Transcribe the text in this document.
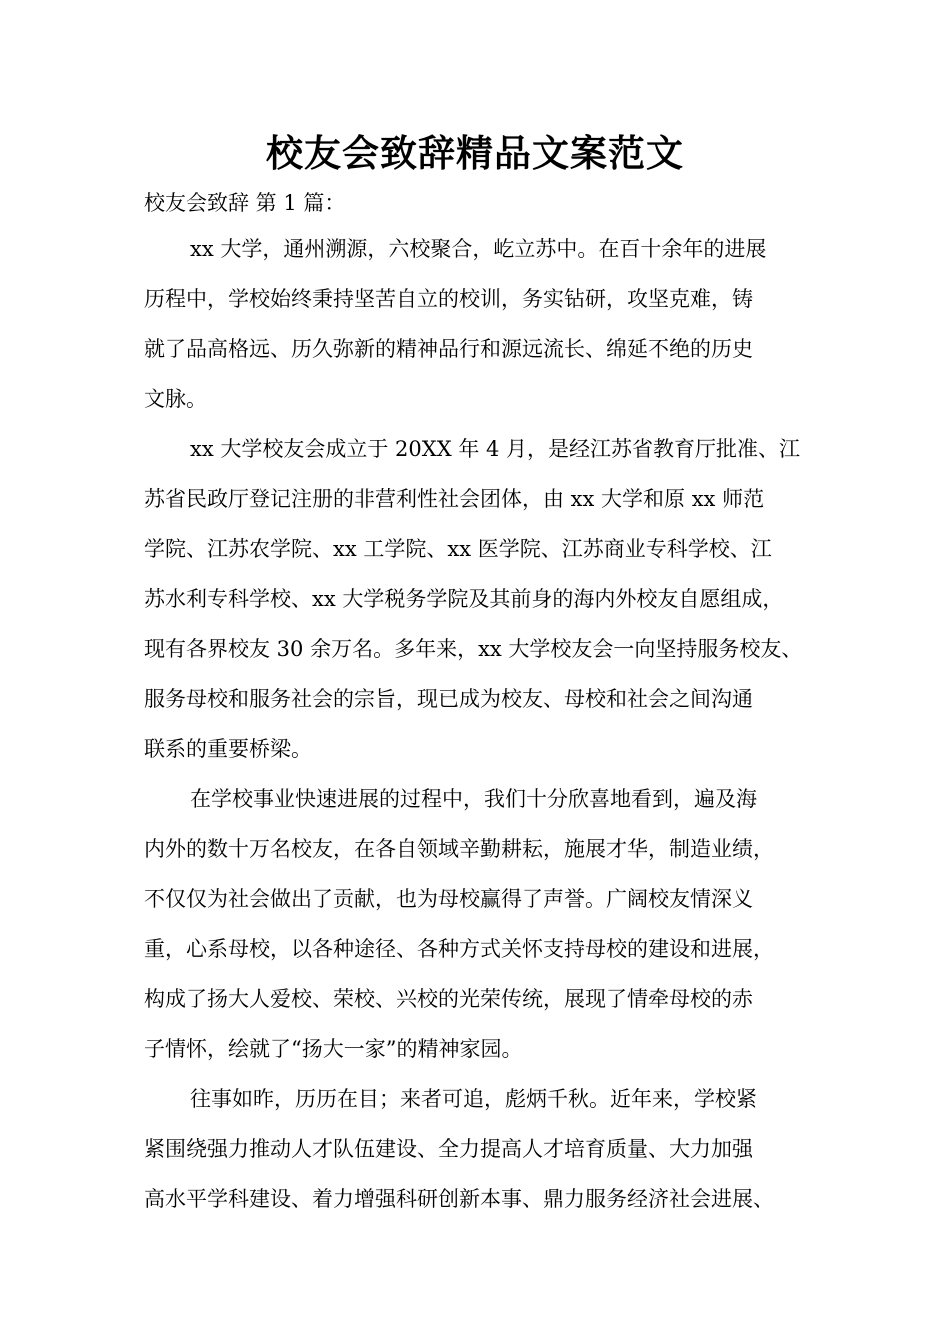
校友会致辞精品文案范文

校友会致辞 第 1 篇：

xx 大学，通州溯源，六校聚合，屹立苏中。在百十余年的进展

历程中，学校始终秉持坚苦自立的校训，务实钻研，攻坚克难，铸

就了品高格远、历久弥新的精神品行和源远流长、绵延不绝的历史

文脉。

xx 大学校友会成立于 20XX 年 4 月，是经江苏省教育厅批准、江

苏省民政厅登记注册的非营利性社会团体，由 xx 大学和原 xx 师范

学院、江苏农学院、xx 工学院、xx 医学院、江苏商业专科学校、江

苏水利专科学校、xx 大学税务学院及其前身的海内外校友自愿组成，

现有各界校友 30 余万名。多年来，xx 大学校友会一向坚持服务校友、

服务母校和服务社会的宗旨，现已成为校友、母校和社会之间沟通

联系的重要桥梁。

在学校事业快速进展的过程中，我们十分欣喜地看到，遍及海

内外的数十万名校友，在各自领域辛勤耕耘，施展才华，制造业绩，

不仅仅为社会做出了贡献，也为母校赢得了声誉。广阔校友情深义

重，心系母校，以各种途径、各种方式关怀支持母校的建设和进展，

构成了扬大人爱校、荣校、兴校的光荣传统，展现了情牵母校的赤

子情怀，绘就了“扬大一家”的精神家园。

往事如昨，历历在目；来者可追，彪炳千秋。近年来，学校紧

紧围绕强力推动人才队伍建设、全力提高人才培育质量、大力加强

高水平学科建设、着力增强科研创新本事、鼎力服务经济社会进展、
